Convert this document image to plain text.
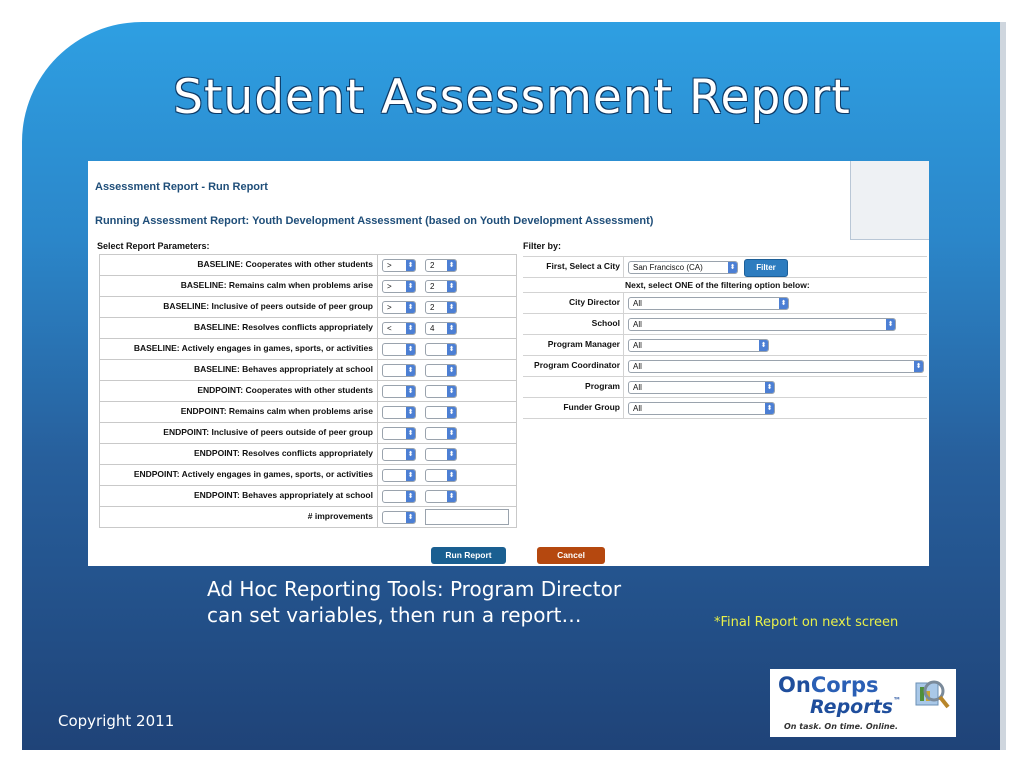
Student Assessment Report
Assessment Report - Run Report
Running Assessment Report: Youth Development Assessment (based on Youth Development Assessment)
Select Report Parameters:	Filter by:
BASELINE: Cooperates with other students	> ⬍	2 ⬍
BASELINE: Remains calm when problems arise	> ⬍	2 ⬍
BASELINE: Inclusive of peers outside of peer group	> ⬍	2 ⬍
BASELINE: Resolves conflicts appropriately	< ⬍	4 ⬍
BASELINE: Actively engages in games, sports, or activities	⬍	⬍
BASELINE: Behaves appropriately at school	⬍	⬍
ENDPOINT: Cooperates with other students	⬍	⬍
ENDPOINT: Remains calm when problems arise	⬍	⬍
ENDPOINT: Inclusive of peers outside of peer group	⬍	⬍
ENDPOINT: Resolves conflicts appropriately	⬍	⬍
ENDPOINT: Actively engages in games, sports, or activities	⬍	⬍
ENDPOINT: Behaves appropriately at school	⬍	⬍
# improvements	⬍
First, Select a City	San Francisco (CA)	⬍	Filter
Next, select ONE of the filtering option below:
City Director	All	⬍
School	All	⬍
Program Manager	All	⬍
Program Coordinator	All	⬍
Program	All	⬍
Funder Group	All	⬍
Run Report	Cancel
Ad Hoc Reporting Tools: Program Director can set variables, then run a report…	*Final Report on next screen
Copyright 2011
OnCorps
Reports™
On task. On time. Online.
